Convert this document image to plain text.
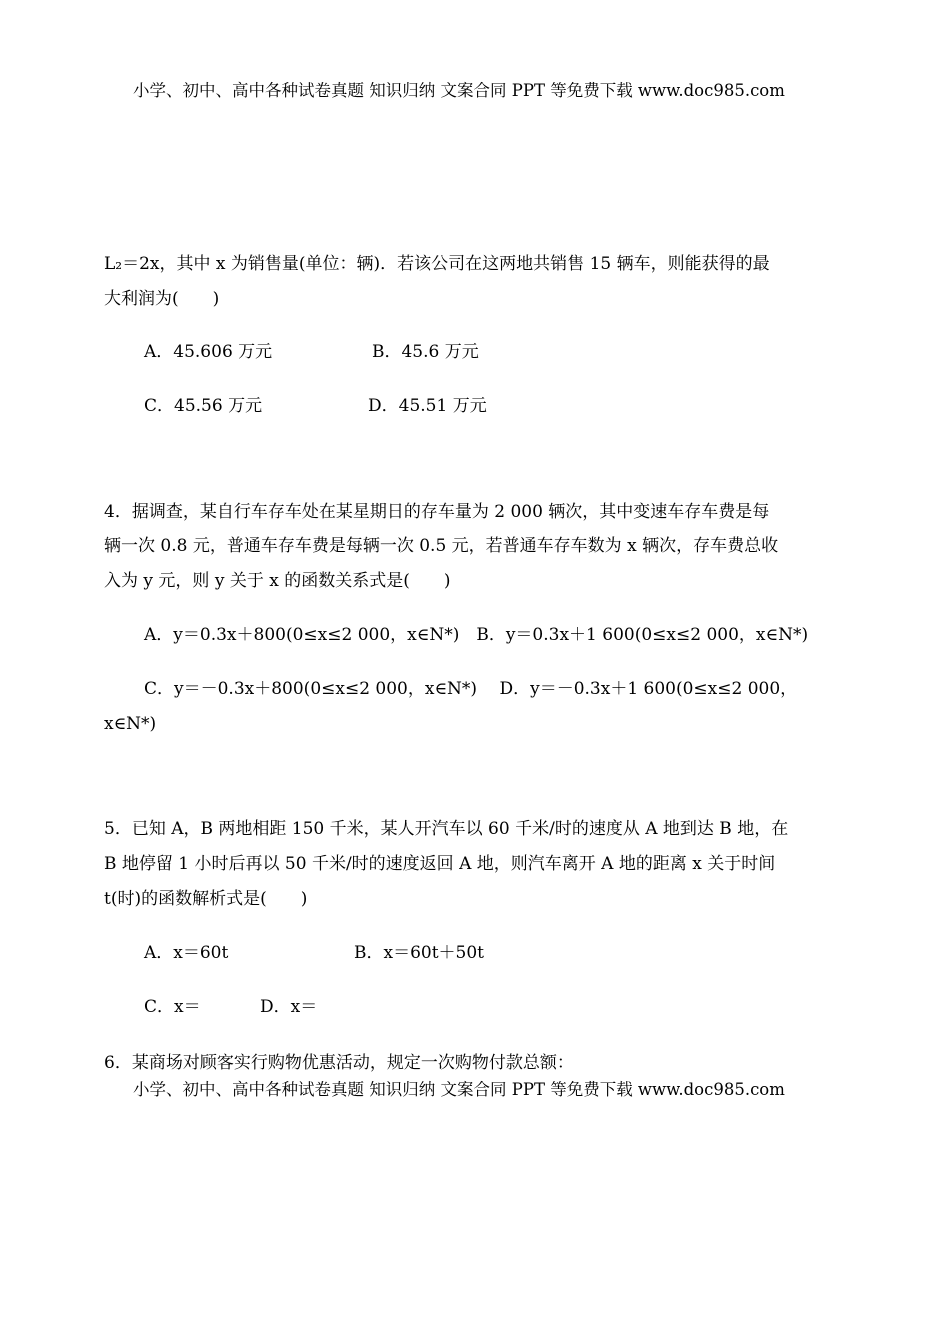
小学、初中、高中各种试卷真题 知识归纳 文案合同 PPT 等免费下载 www.doc985.com
L₂＝2x，其中 x 为销售量(单位：辆)．若该公司在这两地共销售 15 辆车，则能获得的最
大利润为(　　)
A．45.606 万元	B．45.6 万元
C．45.56 万元	D．45.51 万元
4．据调查，某自行车存车处在某星期日的存车量为 2 000 辆次，其中变速车存车费是每
辆一次 0.8 元，普通车存车费是每辆一次 0.5 元，若普通车存车数为 x 辆次，存车费总收
入为 y 元，则 y 关于 x 的函数关系式是(　　)
A．y＝0.3x＋800(0≤x≤2 000，x∈N*)　B．y＝0.3x＋1 600(0≤x≤2 000，x∈N*)
C．y＝－0.3x＋800(0≤x≤2 000，x∈N*)　 D．y＝－0.3x＋1 600(0≤x≤2 000，
x∈N*)
5．已知 A，B 两地相距 150 千米，某人开汽车以 60 千米/时的速度从 A 地到达 B 地，在
B 地停留 1 小时后再以 50 千米/时的速度返回 A 地，则汽车离开 A 地的距离 x 关于时间
t(时)的函数解析式是(　　)
A．x＝60t	B．x＝60t＋50t
C．x＝	D．x＝
6．某商场对顾客实行购物优惠活动，规定一次购物付款总额：
小学、初中、高中各种试卷真题 知识归纳 文案合同 PPT 等免费下载 www.doc985.com
